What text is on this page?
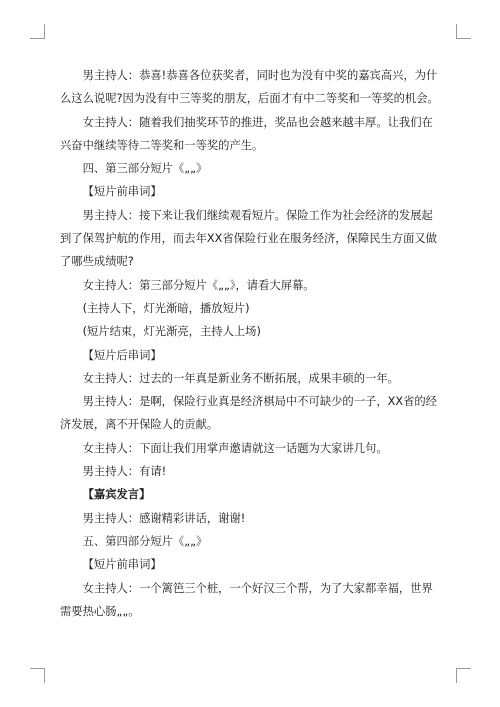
男主持人：恭喜!恭喜各位获奖者，同时也为没有中奖的嘉宾高兴，为什么这么说呢?因为没有中三等奖的朋友，后面才有中二等奖和一等奖的机会。

女主持人：随着我们抽奖环节的推进，奖品也会越来越丰厚。让我们在兴奋中继续等待二等奖和一等奖的产生。

四、第三部分短片《„„》

【短片前串词】

男主持人：接下来让我们继续观看短片。保险工作为社会经济的发展起到了保驾护航的作用，而去年XX省保险行业在服务经济，保障民生方面又做了哪些成绩呢?

女主持人：第三部分短片《„„》，请看大屏幕。

(主持人下，灯光渐暗，播放短片)

(短片结束，灯光渐亮，主持人上场)

【短片后串词】

女主持人：过去的一年真是新业务不断拓展，成果丰硕的一年。

男主持人：是啊，保险行业真是经济棋局中不可缺少的一子，XX省的经济发展，离不开保险人的贡献。

女主持人：下面让我们用掌声邀请就这一话题为大家讲几句。

男主持人：有请!

【嘉宾发言】

男主持人：感谢精彩讲话，谢谢!

五、第四部分短片《„„》

【短片前串词】

女主持人：一个篱笆三个桩，一个好汉三个帮，为了大家都幸福，世界需要热心肠„„。
